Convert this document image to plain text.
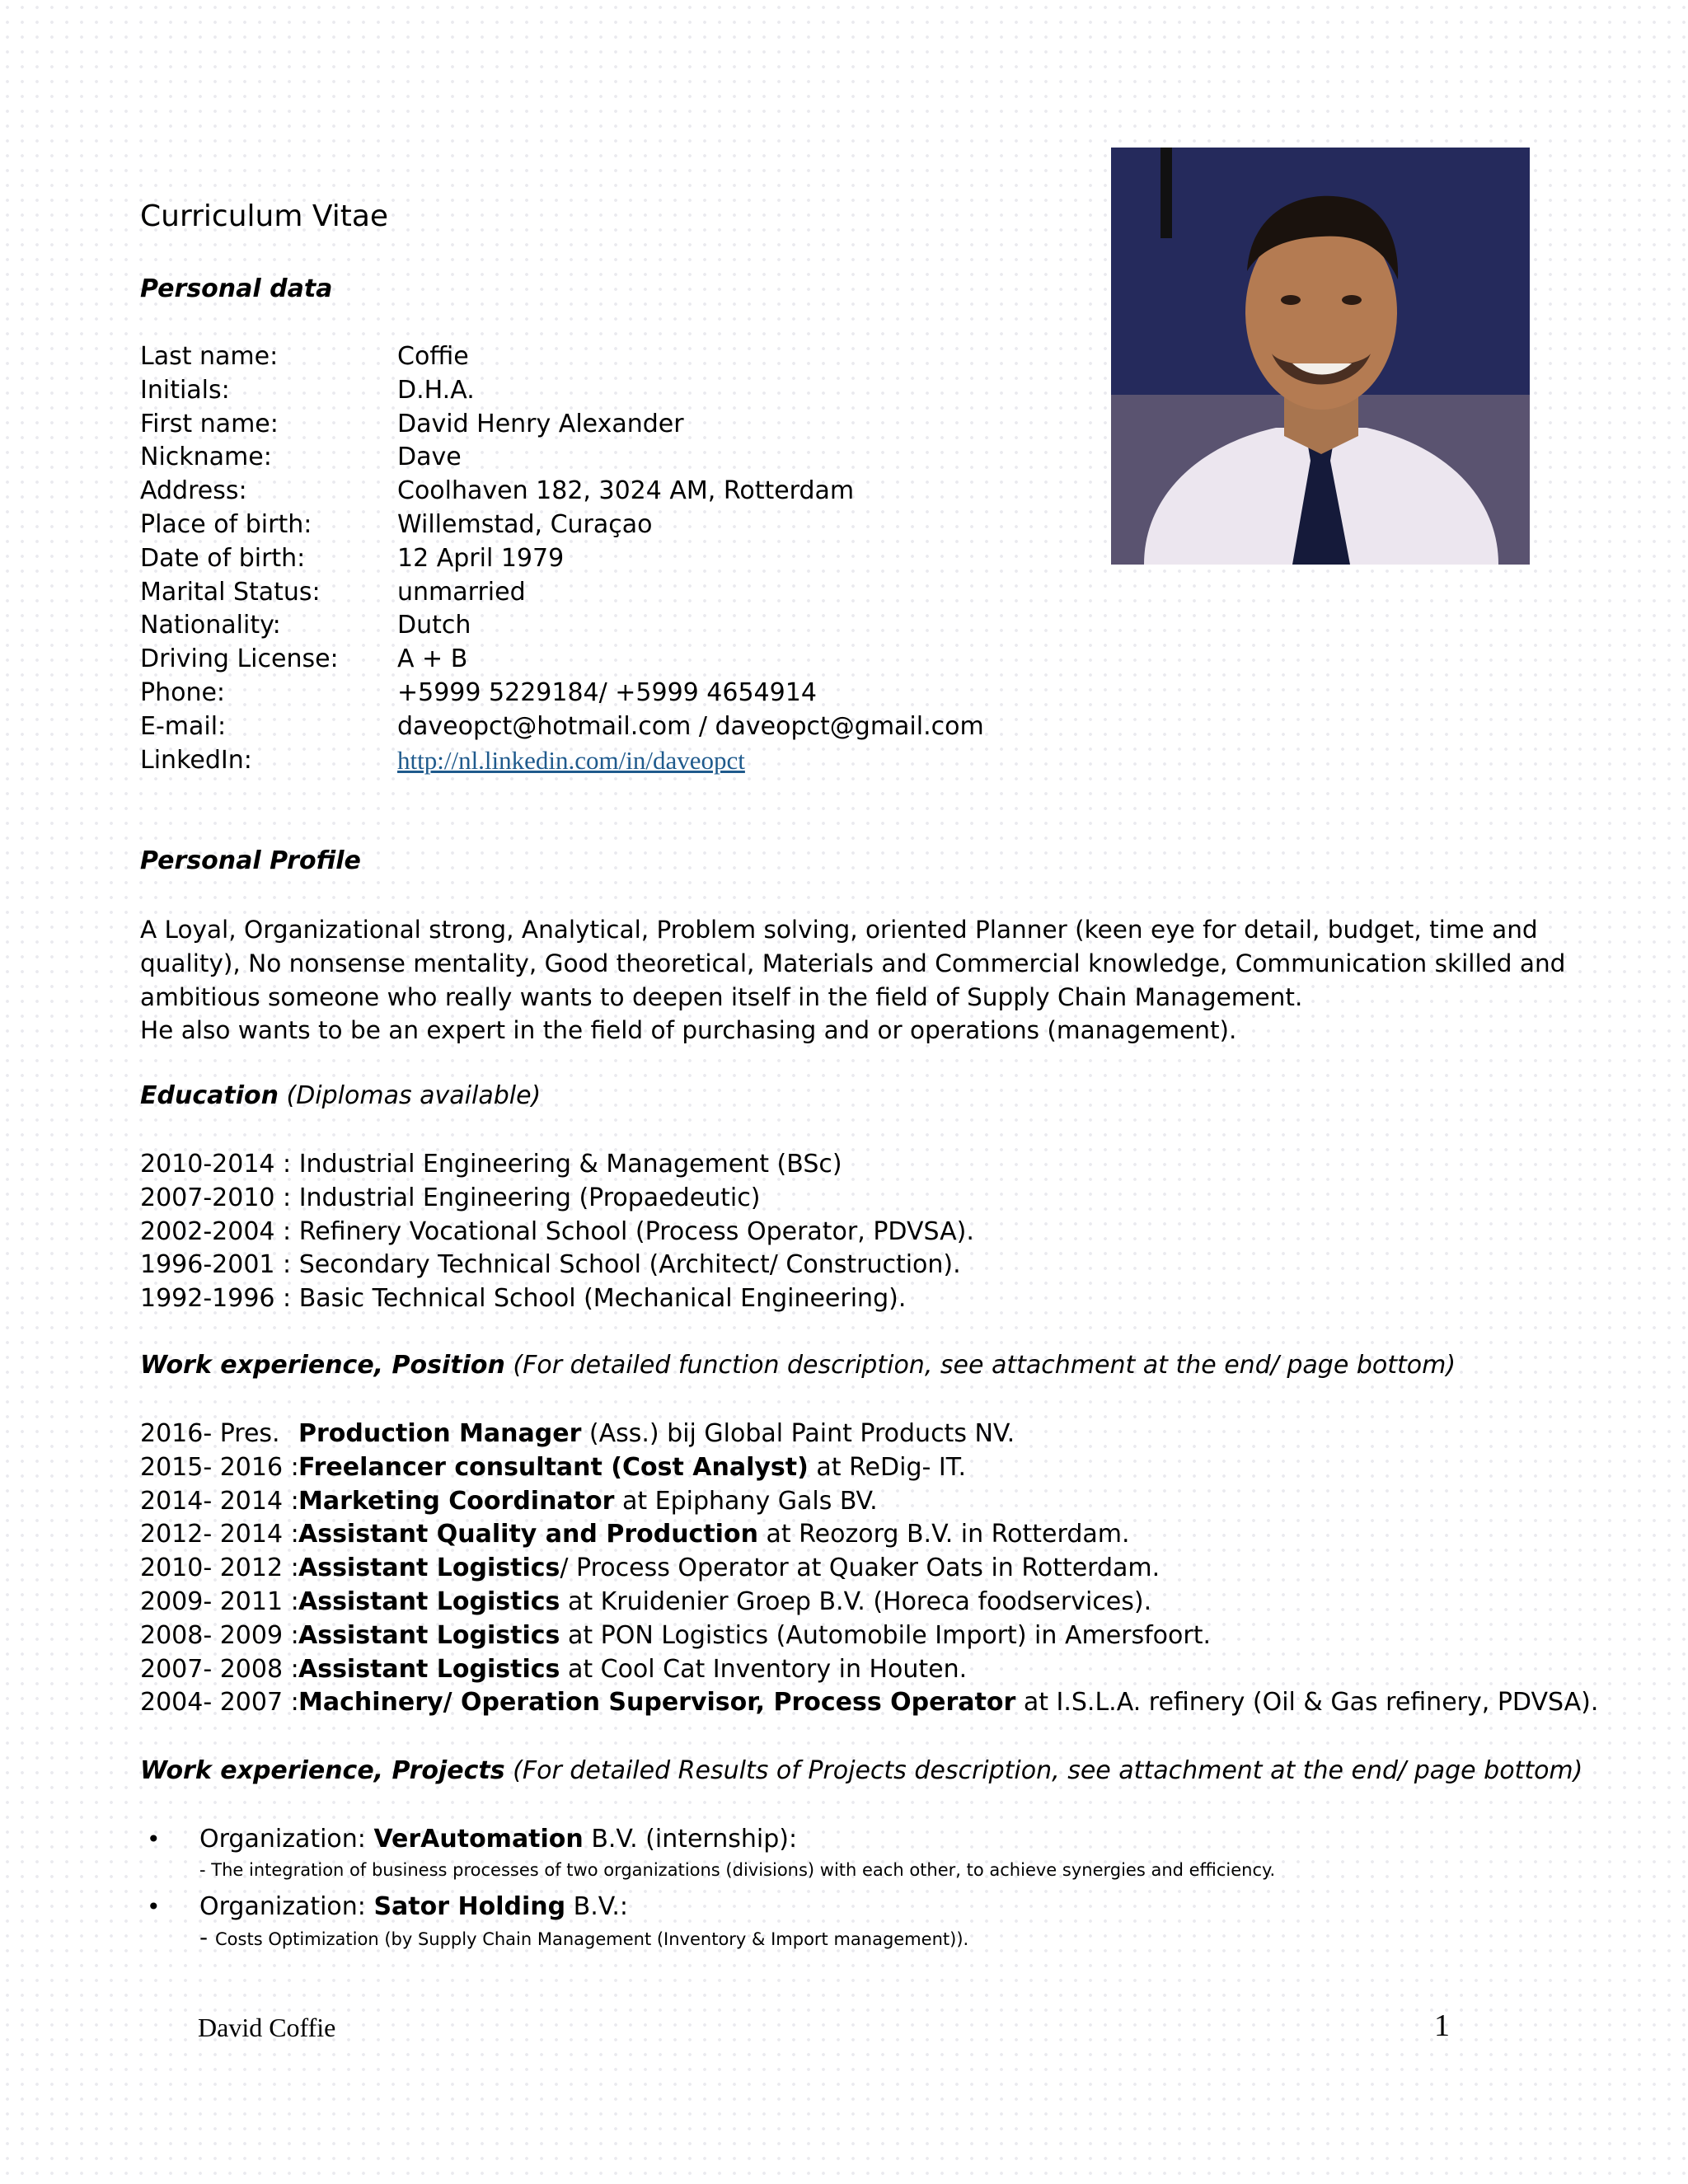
Curriculum Vitae
Personal data
Last name:	Coffie
Initials:	D.H.A.
First name:	David Henry Alexander
Nickname:	Dave
Address:	Coolhaven 182, 3024 AM, Rotterdam
Place of birth:	Willemstad, Curaçao
Date of birth:	12 April 1979
Marital Status:	unmarried
Nationality:	Dutch
Driving License: A + B
Phone:	+5999 5229184/ +5999 4654914
E-mail:	daveopct@hotmail.com / daveopct@gmail.com
LinkedIn:	http://nl.linkedin.com/in/daveopct
Personal Profile
A Loyal, Organizational strong, Analytical, Problem solving, oriented Planner (keen eye for detail, budget, time and
quality), No nonsense mentality, Good theoretical, Materials and Commercial knowledge, Communication skilled and
ambitious someone who really wants to deepen itself in the field of Supply Chain Management.
He also wants to be an expert in the field of purchasing and or operations (management).
Education (Diplomas available)
2010-2014 : Industrial Engineering & Management (BSc)
2007-2010 : Industrial Engineering (Propaedeutic)
2002-2004 : Refinery Vocational School (Process Operator, PDVSA).
1996-2001 : Secondary Technical School (Architect/ Construction).
1992-1996 : Basic Technical School (Mechanical Engineering).
Work experience, Position (For detailed function description, see attachment at the end/ page bottom)
2016- Pres. Production Manager (Ass.) bij Global Paint Products NV.
2015- 2016 : Freelancer consultant (Cost Analyst) at ReDig- IT.
2014- 2014 : Marketing Coordinator at Epiphany Gals BV.
2012- 2014 : Assistant Quality and Production at Reozorg B.V. in Rotterdam.
2010- 2012 : Assistant Logistics/ Process Operator at Quaker Oats in Rotterdam.
2009- 2011 : Assistant Logistics at Kruidenier Groep B.V. (Horeca foodservices).
2008- 2009 : Assistant Logistics at PON Logistics (Automobile Import) in Amersfoort.
2007- 2008 : Assistant Logistics at Cool Cat Inventory in Houten.
2004- 2007 : Machinery/ Operation Supervisor, Process Operator at I.S.L.A. refinery (Oil & Gas refinery, PDVSA).
Work experience, Projects (For detailed Results of Projects description, see attachment at the end/ page bottom)
• Organization: VerAutomation B.V. (internship):
- The integration of business processes of two organizations (divisions) with each other, to achieve synergies and efficiency.
• Organization: Sator Holding B.V.:
- Costs Optimization (by Supply Chain Management (Inventory & Import management)).
David Coffie	1
